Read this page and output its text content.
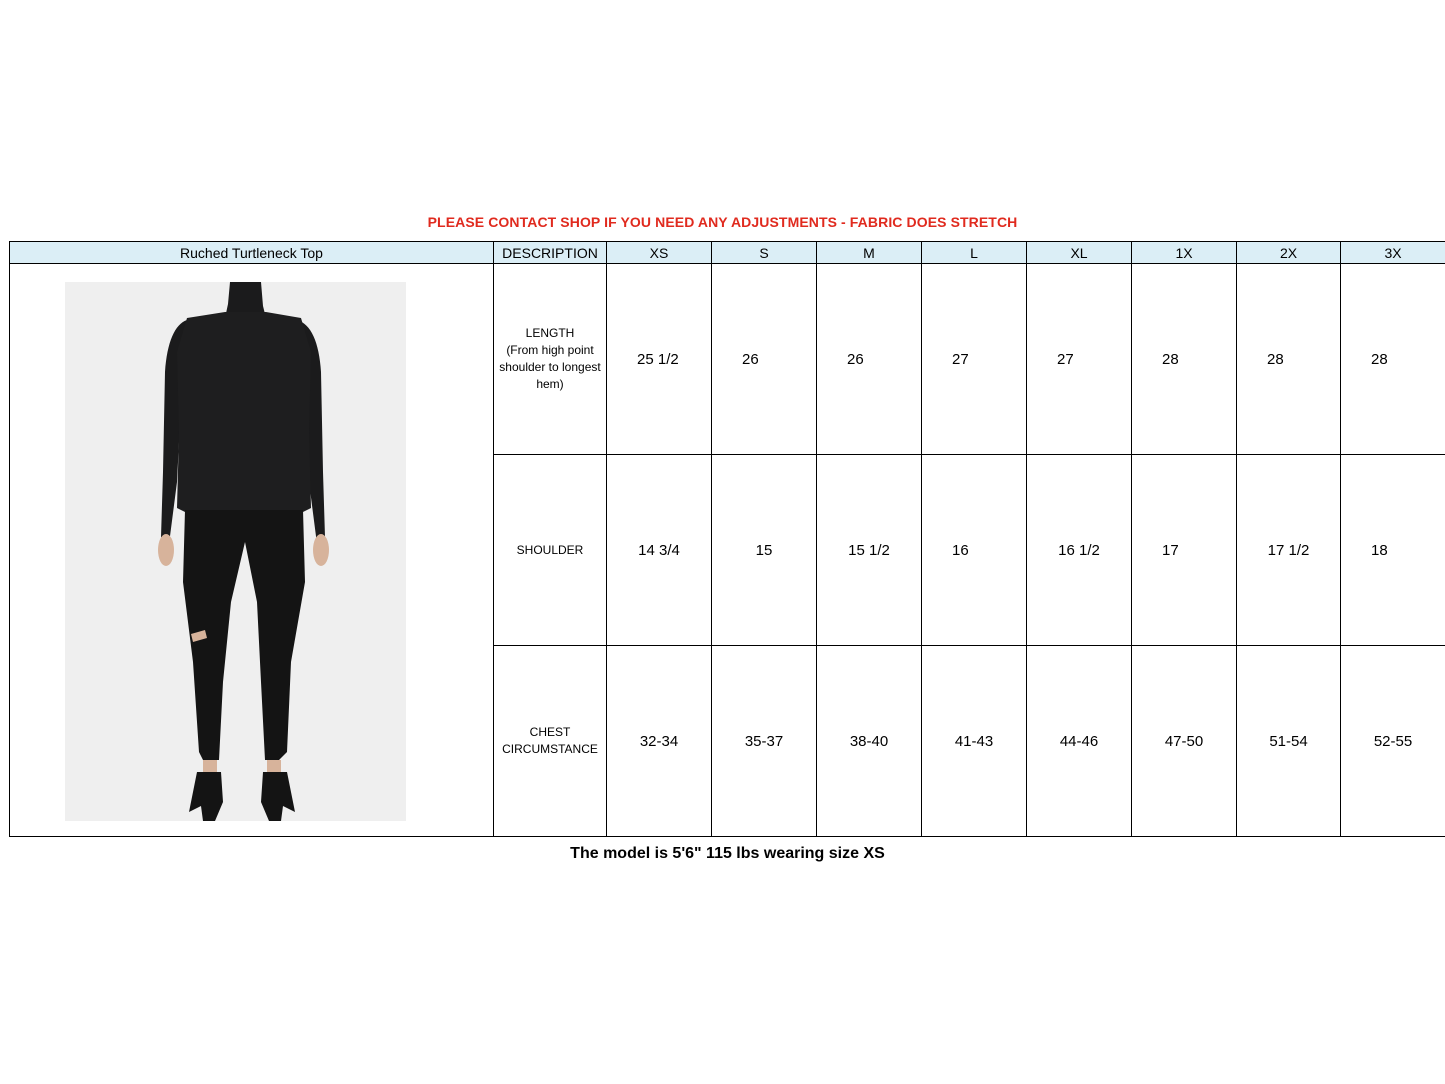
PLEASE CONTACT SHOP IF YOU NEED ANY ADJUSTMENTS - FABRIC DOES STRETCH
Ruched Turtleneck Top	DESCRIPTION	XS	S	M	L	XL	1X	2X	3X

	LENGTH
(From high point
shoulder to longest
hem)	25 1/2	26	26	27	27	28	28	28
	SHOULDER	14 3/4	15	15 1/2	16	16 1/2	17	17 1/2	18
	CHEST
CIRCUMSTANCE	32-34	35-37	38-40	41-43	44-46	47-50	51-54	52-55
The model is 5'6" 115 lbs wearing size XS
